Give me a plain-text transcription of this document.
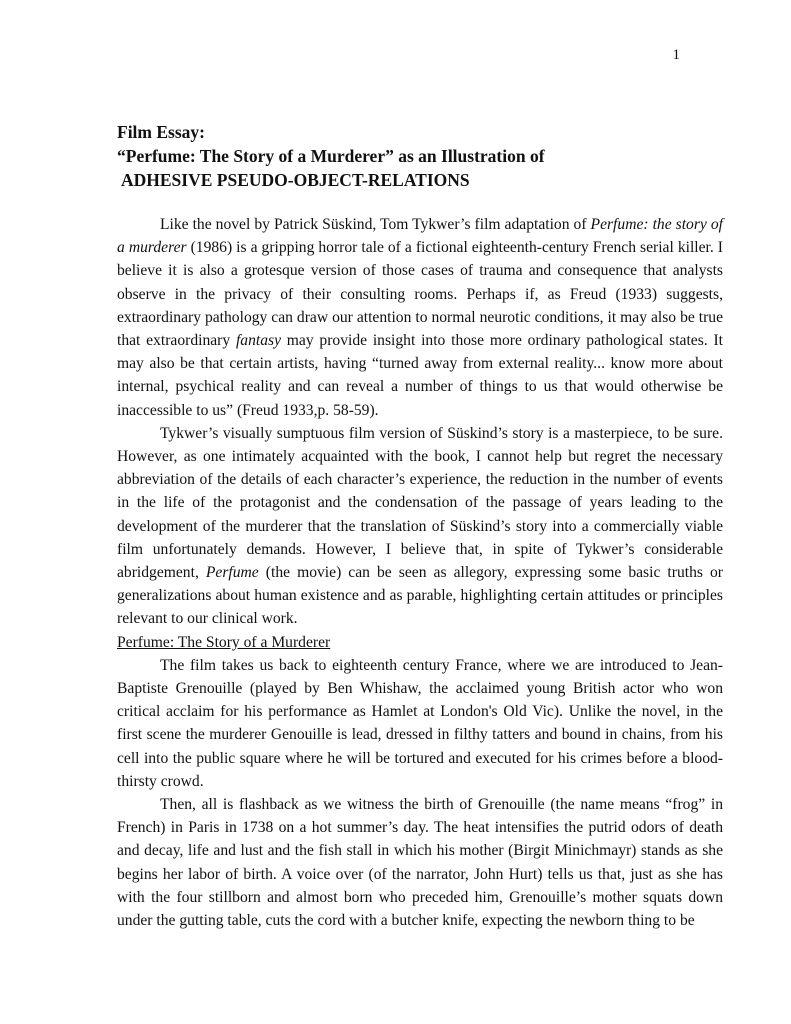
1
Film Essay:
“Perfume: The Story of a Murderer” as an Illustration of
ADHESIVE PSEUDO-OBJECT-RELATIONS

Like the novel by Patrick Süskind, Tom Tykwer’s film adaptation of Perfume: the story of a murderer (1986) is a gripping horror tale of a fictional eighteenth-century French serial killer. I believe it is also a grotesque version of those cases of trauma and consequence that analysts observe in the privacy of their consulting rooms. Perhaps if, as Freud (1933) suggests, extraordinary pathology can draw our attention to normal neurotic conditions, it may also be true that extraordinary fantasy may provide insight into those more ordinary pathological states. It may also be that certain artists, having “turned away from external reality... know more about internal, psychical reality and can reveal a number of things to us that would otherwise be inaccessible to us” (Freud 1933,p. 58-59).

Tykwer’s visually sumptuous film version of Süskind’s story is a masterpiece, to be sure. However, as one intimately acquainted with the book, I cannot help but regret the necessary abbreviation of the details of each character’s experience, the reduction in the number of events in the life of the protagonist and the condensation of the passage of years leading to the development of the murderer that the translation of Süskind’s story into a commercially viable film unfortunately demands. However, I believe that, in spite of Tykwer’s considerable abridgement, Perfume (the movie) can be seen as allegory, expressing some basic truths or generalizations about human existence and as parable, highlighting certain attitudes or principles relevant to our clinical work.

Perfume: The Story of a Murderer

The film takes us back to eighteenth century France, where we are introduced to Jean-Baptiste Grenouille (played by Ben Whishaw, the acclaimed young British actor who won critical acclaim for his performance as Hamlet at London's Old Vic). Unlike the novel, in the first scene the murderer Genouille is lead, dressed in filthy tatters and bound in chains, from his cell into the public square where he will be tortured and executed for his crimes before a blood-thirsty crowd.

Then, all is flashback as we witness the birth of Grenouille (the name means “frog” in French) in Paris in 1738 on a hot summer’s day. The heat intensifies the putrid odors of death and decay, life and lust and the fish stall in which his mother (Birgit Minichmayr) stands as she begins her labor of birth. A voice over (of the narrator, John Hurt) tells us that, just as she has with the four stillborn and almost born who preceded him, Grenouille’s mother squats down under the gutting table, cuts the cord with a butcher knife, expecting the newborn thing to be
